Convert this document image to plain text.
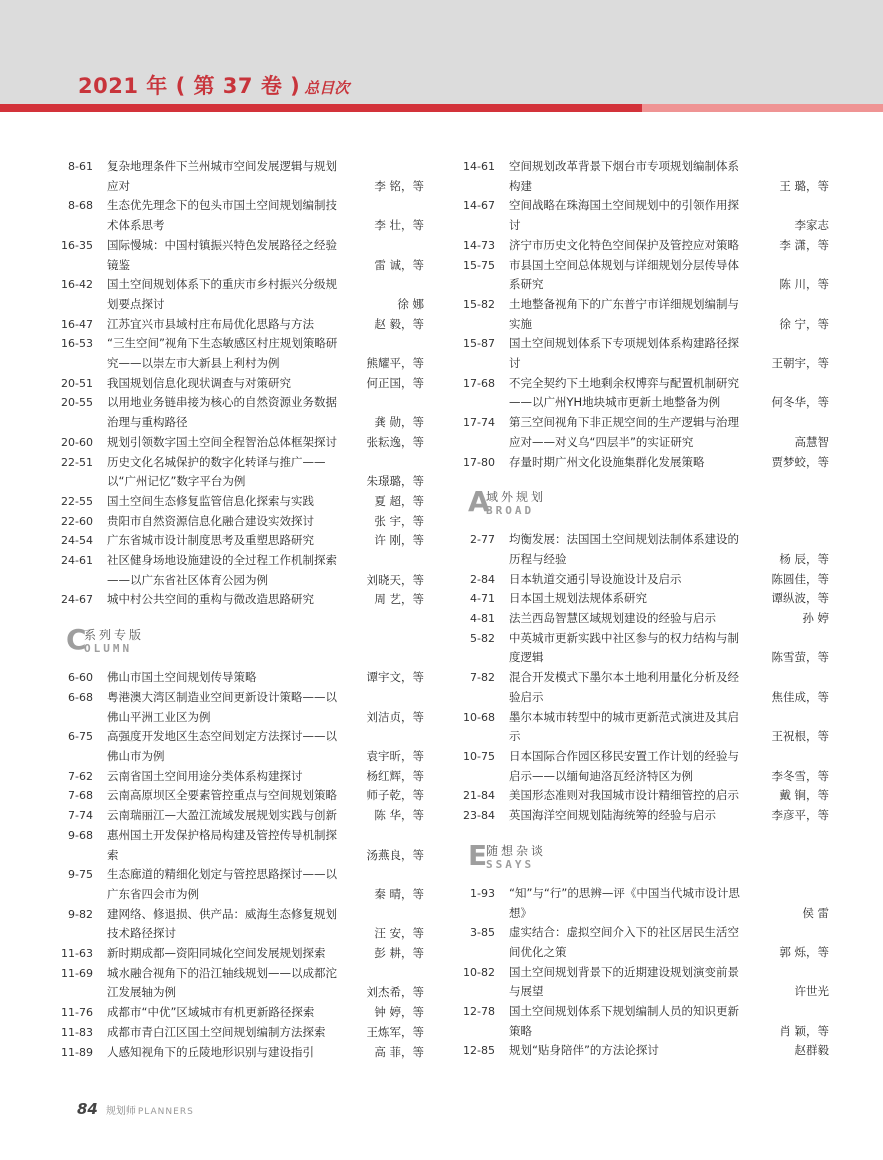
2021 年 ( 第 37 卷 ) 总目次
8-61 复杂地理条件下兰州城市空间发展逻辑与规划应对	李 铭，等
8-68 生态优先理念下的包头市国土空间规划编制技术体系思考	李 壮，等
16-35 国际慢城：中国村镇振兴特色发展路径之经验镜鉴	雷 诚，等
16-42 国土空间规划体系下的重庆市乡村振兴分级规划要点探讨	徐 娜
16-47 江苏宜兴市县域村庄布局优化思路与方法	赵 毅，等
16-53 “三生空间”视角下生态敏感区村庄规划策略研究——以崇左市大新县上利村为例	熊耀平，等
20-51 我国规划信息化现状调查与对策研究	何正国，等
20-55 以用地业务链串接为核心的自然资源业务数据治理与重构路径	龚 勋，等
20-60 规划引领数字国土空间全程智治总体框架探讨	张耘逸，等
22-51 历史文化名城保护的数字化转译与推广——以“广州记忆”数字平台为例	朱璟璐，等
22-55 国土空间生态修复监管信息化探索与实践	夏 超，等
22-60 贵阳市自然资源信息化融合建设实效探讨	张 宇，等
24-54 广东省城市设计制度思考及重塑思路研究	许 刚，等
24-61 社区健身场地设施建设的全过程工作机制探索——以广东省社区体育公园为例	刘晓天，等
24-67 城中村公共空间的重构与微改造思路研究	周 艺，等
C
系列专版
OLUMN
6-60 佛山市国土空间规划传导策略	谭宇文，等
6-68 粤港澳大湾区制造业空间更新设计策略——以佛山平洲工业区为例	刘洁贞，等
6-75 高强度开发地区生态空间划定方法探讨——以佛山市为例	袁宇昕，等
7-62 云南省国土空间用途分类体系构建探讨	杨红辉，等
7-68 云南高原坝区全要素管控重点与空间规划策略	师子乾，等
7-74 云南瑞丽江—大盈江流域发展规划实践与创新	陈 华，等
9-68 惠州国土开发保护格局构建及管控传导机制探索	汤燕良，等
9-75 生态廊道的精细化划定与管控思路探讨——以广东省四会市为例	秦 晴，等
9-82 建网络、修退损、供产品：威海生态修复规划技术路径探讨	汪 安，等
11-63 新时期成都—资阳同城化空间发展规划探索	彭 耕，等
11-69 城水融合视角下的沿江轴线规划——以成都沱江发展轴为例	刘杰希，等
11-76 成都市“中优”区域城市有机更新路径探索	钟 婷，等
11-83 成都市青白江区国土空间规划编制方法探索	王炼军，等
11-89 人感知视角下的丘陵地形识别与建设指引	高 菲，等
14-61 空间规划改革背景下烟台市专项规划编制体系构建	王 璐，等
14-67 空间战略在珠海国土空间规划中的引领作用探讨	李家志
14-73 济宁市历史文化特色空间保护及管控应对策略	李 潇，等
15-75 市县国土空间总体规划与详细规划分层传导体系研究	陈 川，等
15-82 土地整备视角下的广东普宁市详细规划编制与实施	徐 宁，等
15-87 国土空间规划体系下专项规划体系构建路径探讨	王朝宇，等
17-68 不完全契约下土地剩余权博弈与配置机制研究——以广州YH地块城市更新土地整备为例	何冬华，等
17-74 第三空间视角下非正规空间的生产逻辑与治理应对——对义乌“四层半”的实证研究	高慧智
17-80 存量时期广州文化设施集群化发展策略	贾梦蛟，等
A
域外规划
BROAD
2-77 均衡发展：法国国土空间规划法制体系建设的历程与经验	杨 辰，等
2-84 日本轨道交通引导设施设计及启示	陈圆佳，等
4-71 日本国土规划法规体系研究	谭纵波，等
4-81 法兰西岛智慧区域规划建设的经验与启示	孙 婷
5-82 中英城市更新实践中社区参与的权力结构与制度逻辑	陈雪萤，等
7-82 混合开发模式下墨尔本土地利用量化分析及经验启示	焦佳成，等
10-68 墨尔本城市转型中的城市更新范式演进及其启示	王祝根，等
10-75 日本国际合作园区移民安置工作计划的经验与启示——以缅甸迪洛瓦经济特区为例	李冬雪，等
21-84 美国形态准则对我国城市设计精细管控的启示	戴 锏，等
23-84 英国海洋空间规划陆海统筹的经验与启示	李彦平，等
E
随想杂谈
SSAYS
1-93 “知”与“行”的思辨—评《中国当代城市设计思想》	侯 雷
3-85 虚实结合：虚拟空间介入下的社区居民生活空间优化之策	郭 烁，等
10-82 国土空间规划背景下的近期建设规划演变前景与展望	许世光
12-78 国土空间规划体系下规划编制人员的知识更新策略	肖 颖，等
12-85 规划“贴身陪伴”的方法论探讨	赵群毅
84 规划师 PLANNERS
